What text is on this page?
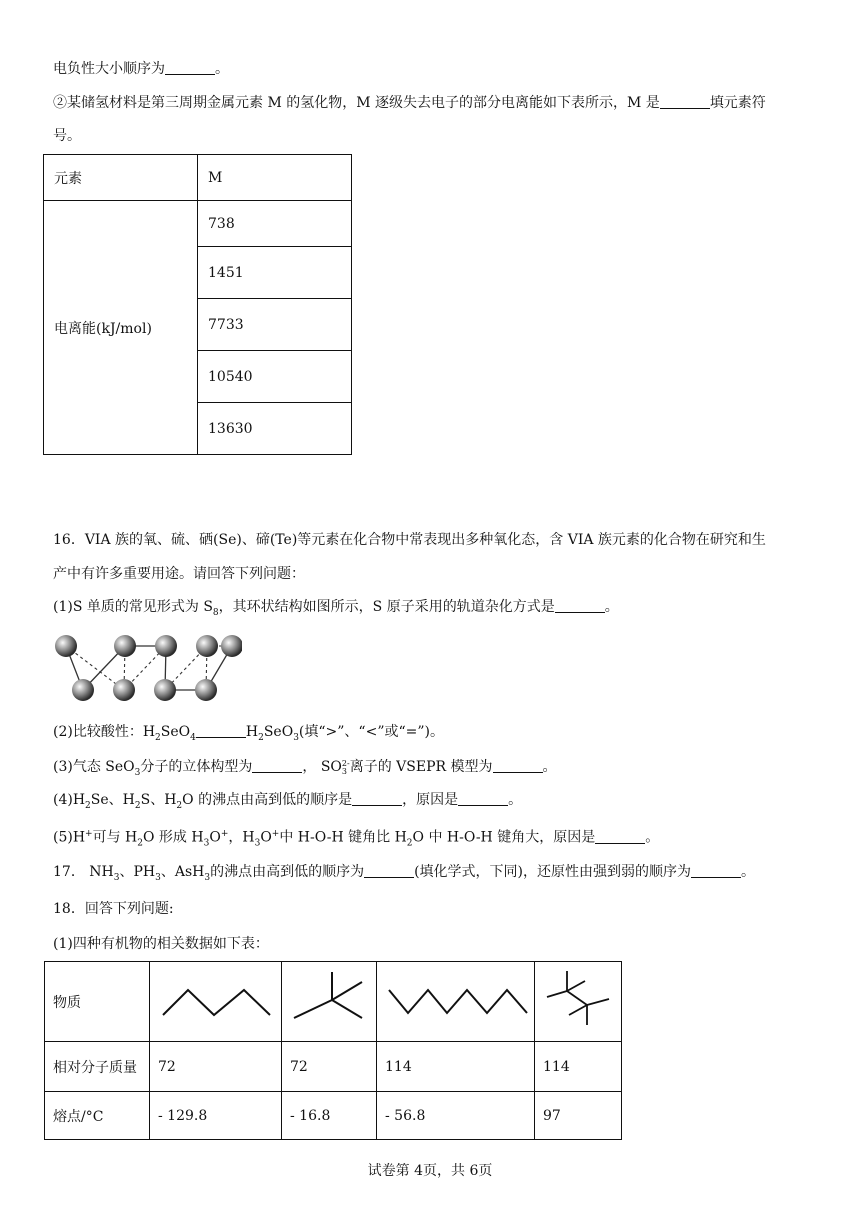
电负性大小顺序为	。
②某储氢材料是第三周期金属元素 M 的氢化物，M 逐级失去电子的部分电离能如下表所示，M 是	填元素符
号。
元素	M
电离能(kJ/mol)	738
	1451
	7733
	10540
	13630
16．VIA 族的氧、硫、硒(Se)、碲(Te)等元素在化合物中常表现出多种氧化态，含 VIA 族元素的化合物在研究和生
产中有许多重要用途。请回答下列问题：
(1)S 单质的常见形式为 $S_8$，其环状结构如图所示，S 原子采用的轨道杂化方式是	。
(2)比较酸性：$H_2SeO_4$	$H_2SeO_3$(填“>”、“<”或“=”)。
(3)气态 SeO$_3$分子的立体构型为	， SO 2-
3 离子的 VSEPR 模型为	。
$(4)H_2Se$、$H_2S$、$H_2O$ 的沸点由高到低的顺序是	，原因是	。
(5)H+可与 $H_2O$ 形成 $H_3O^+$，$H_3O^+$中 H-O-H 键角比 $H_2O$ 中 H-O-H 键角大，原因是	。
17． $NH_3$、$PH_3$、AsH$_3$的沸点由高到低的顺序为	(填化学式，下同)，还原性由强到弱的顺序为	。
18．回答下列问题:
(1)四种有机物的相关数据如下表：
物质				
相对分子质量	72	72	114	114
熔点/°C	- 129.8	- 16.8	- 56.8	97
试卷第 4页，共 6页
